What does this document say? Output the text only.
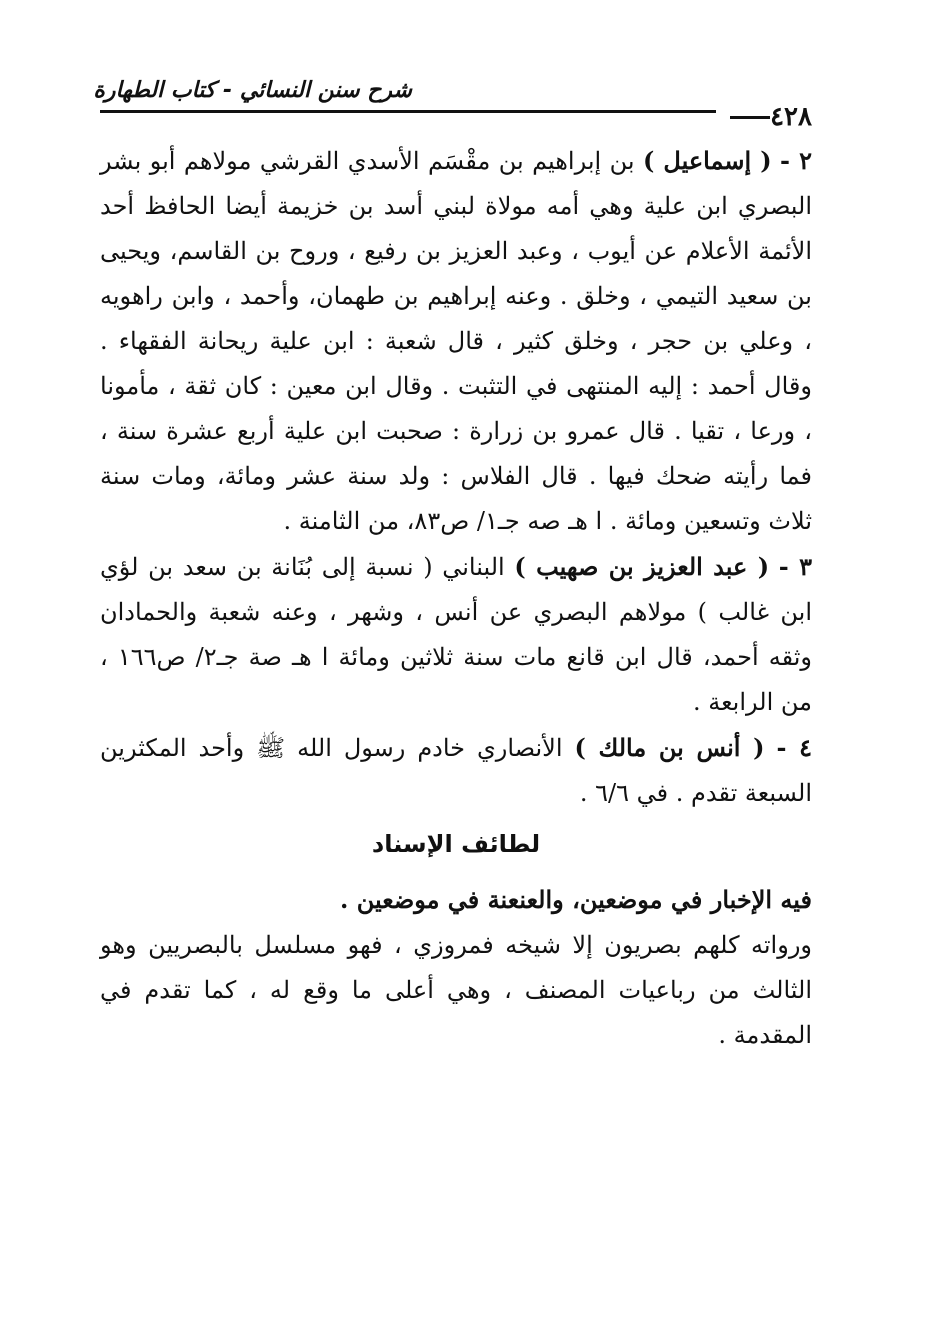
شرح سنن النسائي - كتاب الطهارة
٤٢٨

٢ - ( إسماعيل ) بن إبراهيم بن مقْسَم الأسدي القرشي مولاهم أبو بشر البصري ابن علية وهي أمه مولاة لبني أسد بن خزيمة أيضا الحافظ أحد الأئمة الأعلام عن أيوب ، وعبد العزيز بن رفيع ، وروح بن القاسم، ويحيى بن سعيد التيمي ، وخلق . وعنه إبراهيم بن طهمان، وأحمد ، وابن راهويه ، وعلي بن حجر ، وخلق كثير ، قال شعبة : ابن علية ريحانة الفقهاء . وقال أحمد : إليه المنتهى في التثبت . وقال ابن معين : كان ثقة ، مأمونا ، ورعا ، تقيا . قال عمرو بن زرارة : صحبت ابن علية أربع عشرة سنة ، فما رأيته ضحك فيها . قال الفلاس : ولد سنة عشر ومائة، ومات سنة ثلاث وتسعين ومائة . ا هـ صه جـ١/ ص٨٣، من الثامنة .

٣ - ( عبد العزيز بن صهيب ) البناني ( نسبة إلى بُنَانة بن سعد بن لؤي ابن غالب ) مولاهم البصري عن أنس ، وشهر ، وعنه شعبة والحمادان وثقه أحمد، قال ابن قانع مات سنة ثلاثين ومائة ا هـ صة جـ٢/ ص١٦٦ ، من الرابعة .

٤ - ( أنس بن مالك ) الأنصاري خادم رسول الله ﷺ وأحد المكثرين السبعة تقدم . في ٦/٦ .

لطائف الإسناد

فيه الإخبار في موضعين، والعنعنة في موضعين .

ورواته كلهم بصريون إلا شيخه فمروزي ، فهو مسلسل بالبصريين وهو الثالث من رباعيات المصنف ، وهي أعلى ما وقع له ، كما تقدم في المقدمة .
